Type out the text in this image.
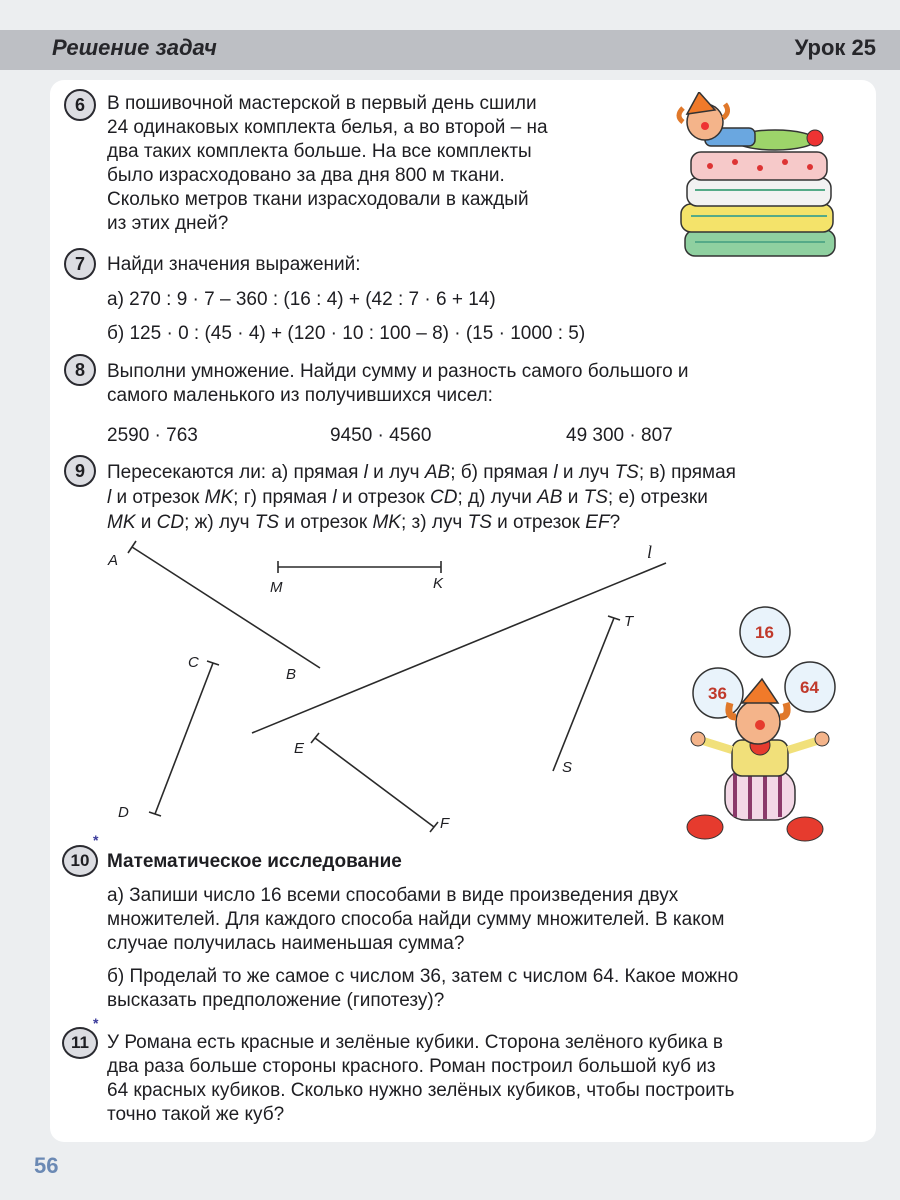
Решение задач	Урок 25
6	В пошивочной мастерской в первый день сшили
24 одинаковых комплекта белья, а во второй – на
два таких комплекта больше. На все комплекты
было израсходовано за два дня 800 м ткани.
Сколько метров ткани израсходовали в каждый
из этих дней?
7	Найди значения выражений:
а) 270 : 9 · 7 – 360 : (16 : 4) + (42 : 7 · 6 + 14)
б) 125 · 0 : (45 · 4) + (120 · 10 : 100 – 8) · (15 · 1000 : 5)
8	Выполни умножение. Найди сумму и разность самого большого и
самого маленького из получившихся чисел:
2590 · 763	9450 · 4560	49 300 · 807
9	Пересекаются ли: а) прямая l и луч AB; б) прямая l и луч TS; в) прямая
l и отрезок MK; г) прямая l и отрезок CD; д) лучи AB и TS; е) отрезки
MK и CD; ж) луч TS и отрезок MK; з) луч TS и отрезок EF?
A
B
M	K
l
C
D
T
S
E
F
16
36	64
*
10 Математическое исследование
а) Запиши число 16 всеми способами в виде произведения двух
множителей. Для каждого способа найди сумму множителей. В каком
случае получилась наименьшая сумма?
б) Проделай то же самое с числом 36, затем с числом 64. Какое можно
высказать предположение (гипотезу)?
*
11 У Романа есть красные и зелёные кубики. Сторона зелёного кубика в
два раза больше стороны красного. Роман построил большой куб из
64 красных кубиков. Сколько нужно зелёных кубиков, чтобы построить
точно такой же куб?
56
